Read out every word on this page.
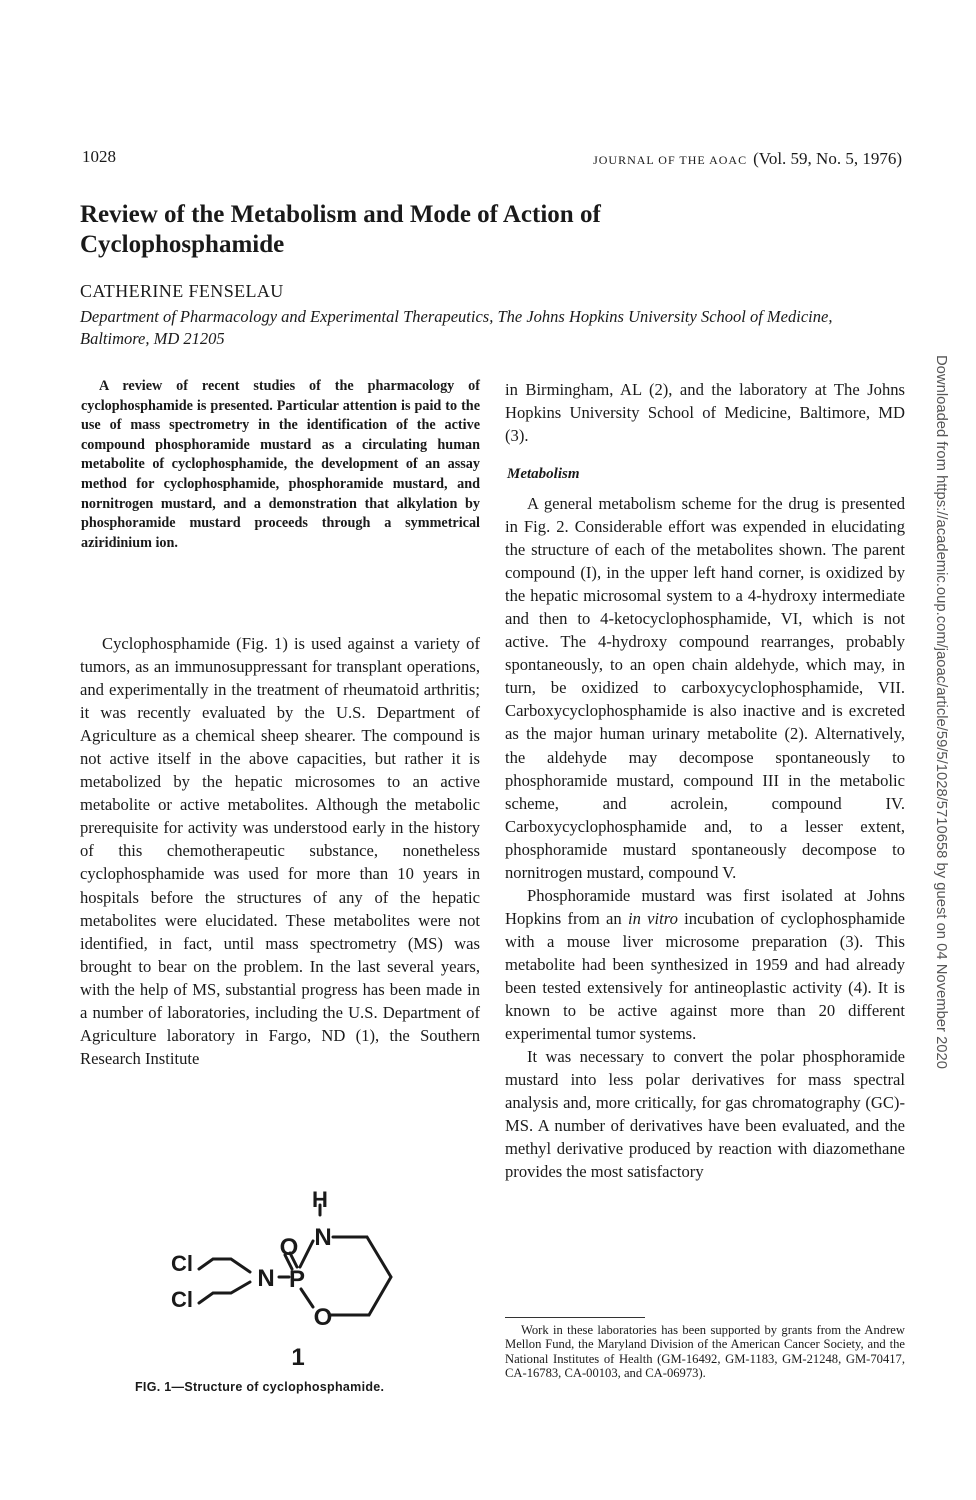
1028	JOURNAL OF THE AOAC (Vol. 59, No. 5, 1976)
Review of the Metabolism and Mode of Action of Cyclophosphamide
CATHERINE FENSELAU
Department of Pharmacology and Experimental Therapeutics, The Johns Hopkins University School of Medicine, Baltimore, MD 21205

A review of recent studies of the pharmacology of cyclophosphamide is presented. Particular attention is paid to the use of mass spectrometry in the identification of the active compound phosphoramide mustard as a circulating human metabolite of cyclophosphamide, the development of an assay method for cyclophosphamide, phosphoramide mustard, and nornitrogen mustard, and a demonstration that alkylation by phosphoramide mustard proceeds through a symmetrical aziridinium ion.

Cyclophosphamide (Fig. 1) is used against a variety of tumors, as an immunosuppressant for transplant operations, and experimentally in the treatment of rheumatoid arthritis; it was recently evaluated by the U.S. Department of Agriculture as a chemical sheep shearer. The compound is not active itself in the above capacities, but rather it is metabolized by the hepatic microsomes to an active metabolite or active metabolites. Although the metabolic prerequisite for activity was understood early in the history of this chemotherapeutic substance, nonetheless cyclophosphamide was used for more than 10 years in hospitals before the structures of any of the hepatic metabolites were elucidated. These metabolites were not identified, in fact, until mass spectrometry (MS) was brought to bear on the problem. In the last several years, with the help of MS, substantial progress has been made in a number of laboratories, including the U.S. Department of Agriculture laboratory in Fargo, ND (1), the Southern Research Institute

in Birmingham, AL (2), and the laboratory at The Johns Hopkins University School of Medicine, Baltimore, MD (3).

Metabolism

A general metabolism scheme for the drug is presented in Fig. 2. Considerable effort was expended in elucidating the structure of each of the metabolites shown. The parent compound (I), in the upper left hand corner, is oxidized by the hepatic microsomal system to a 4-hydroxy intermediate and then to 4-ketocyclophosphamide, VI, which is not active. The 4-hydroxy compound rearranges, probably spontaneously, to an open chain aldehyde, which may, in turn, be oxidized to carboxycyclophosphamide, VII. Carboxycyclophosphamide is also inactive and is excreted as the major human urinary metabolite (2). Alternatively, the aldehyde may decompose spontaneously to phosphoramide mustard, compound III in the metabolic scheme, and acrolein, compound IV. Carboxycyclophosphamide and, to a lesser extent, phosphoramide mustard spontaneously decompose to nornitrogen mustard, compound V.

Phosphoramide mustard was first isolated at Johns Hopkins from an in vitro incubation of cyclophosphamide with a mouse liver microsome preparation (3). This metabolite had been synthesized in 1959 and had already been tested extensively for antineoplastic activity (4). It is known to be active against more than 20 different experimental tumor systems.

It was necessary to convert the polar phosphoramide mustard into less polar derivatives for mass spectral analysis and, more critically, for gas chromatography (GC)-MS. A number of derivatives have been evaluated, and the methyl derivative produced by reaction with diazomethane provides the most satisfactory

H
N
O
P
N
O
Cl
Cl
1
FIG. 1—Structure of cyclophosphamide.

Work in these laboratories has been supported by grants from the Andrew Mellon Fund, the Maryland Division of the American Cancer Society, and the National Institutes of Health (GM-16492, GM-1183, GM-21248, GM-70417, CA-16783, CA-00103, and CA-06973).

Downloaded from https://academic.oup.com/jaoac/article/59/5/1028/5710658 by guest on 04 November 2020
